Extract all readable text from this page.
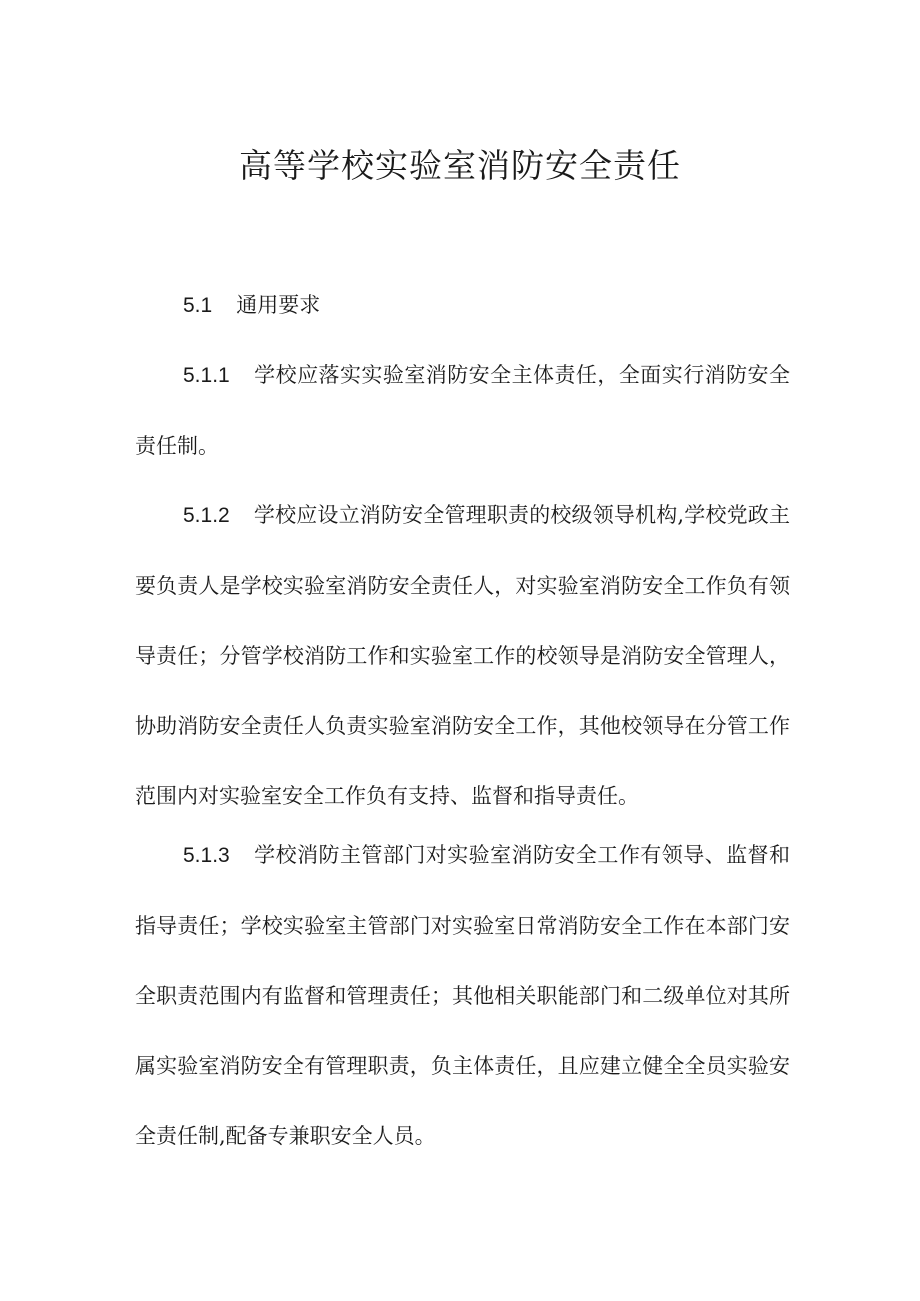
高等学校实验室消防安全责任
5.1 通用要求
5.1.1 学校应落实实验室消防安全主体责任，全面实行消防安全责任制。
5.1.2 学校应设立消防安全管理职责的校级领导机构,学校党政主要负责人是学校实验室消防安全责任人，对实验室消防安全工作负有领导责任；分管学校消防工作和实验室工作的校领导是消防安全管理人，协助消防安全责任人负责实验室消防安全工作，其他校领导在分管工作范围内对实验室安全工作负有支持、监督和指导责任。
5.1.3 学校消防主管部门对实验室消防安全工作有领导、监督和指导责任；学校实验室主管部门对实验室日常消防安全工作在本部门安全职责范围内有监督和管理责任；其他相关职能部门和二级单位对其所属实验室消防安全有管理职责，负主体责任，且应建立健全全员实验安全责任制,配备专兼职安全人员。
